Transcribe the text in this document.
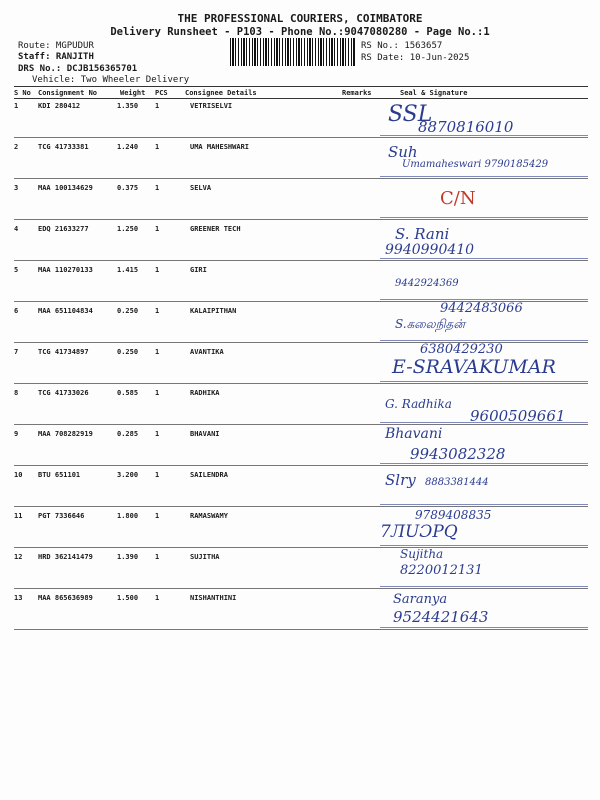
THE PROFESSIONAL COURIERS, COIMBATORE
Delivery Runsheet - P103 - Phone No.:9047080280 - Page No.:1
Route: MGPUDUR
Staff: RANJITH
DRS No.: DCJB156365701
Vehicle: Two Wheeler Delivery
RS No.: 1563657
RS Date: 10-Jun-2025
S No Consignment No	Weight PCS Consignee Details	Remarks	Seal & Signature
1	KDI 280412	1.350 1	VETRISELVI	SSL
8870816010
2	TCG 41733381	1.240 1	UMA MAHESHWARI	Suh
Umamaheswari 9790185429
3	MAA 100134629	0.375 1	SELVA	C/N
4	EDQ 21633277	1.250 1	GREENER TECH	S. Rani
9940990410
5	MAA 110270133	1.415 1	GIRI
9442924369
6	MAA 651104834	0.250 1	KALAIPITHAN	9442483066
S.கலைநிதன்
7	TCG 41734897	0.250 1	AVANTIKA	6380429230
E-SRAVAKUMAR
8	TCG 41733026	0.585 1	RADHIKA
G. Radhika
9600509661
9	MAA 708282919	0.285 1	BHAVANI	Bhavani
9943082328
10 BTU 651101	3.200 1	SAILENDRA	Slry 8883381444
11 PGT 7336646	1.800 1	RAMASWAMY	9789408835
7ЛUƆPQ
12 HRD 362141479	1.390 1	SUJITHA	Sujitha
8220012131
13 MAA 865636989	1.500 1	NISHANTHINI	Saranya
9524421643
